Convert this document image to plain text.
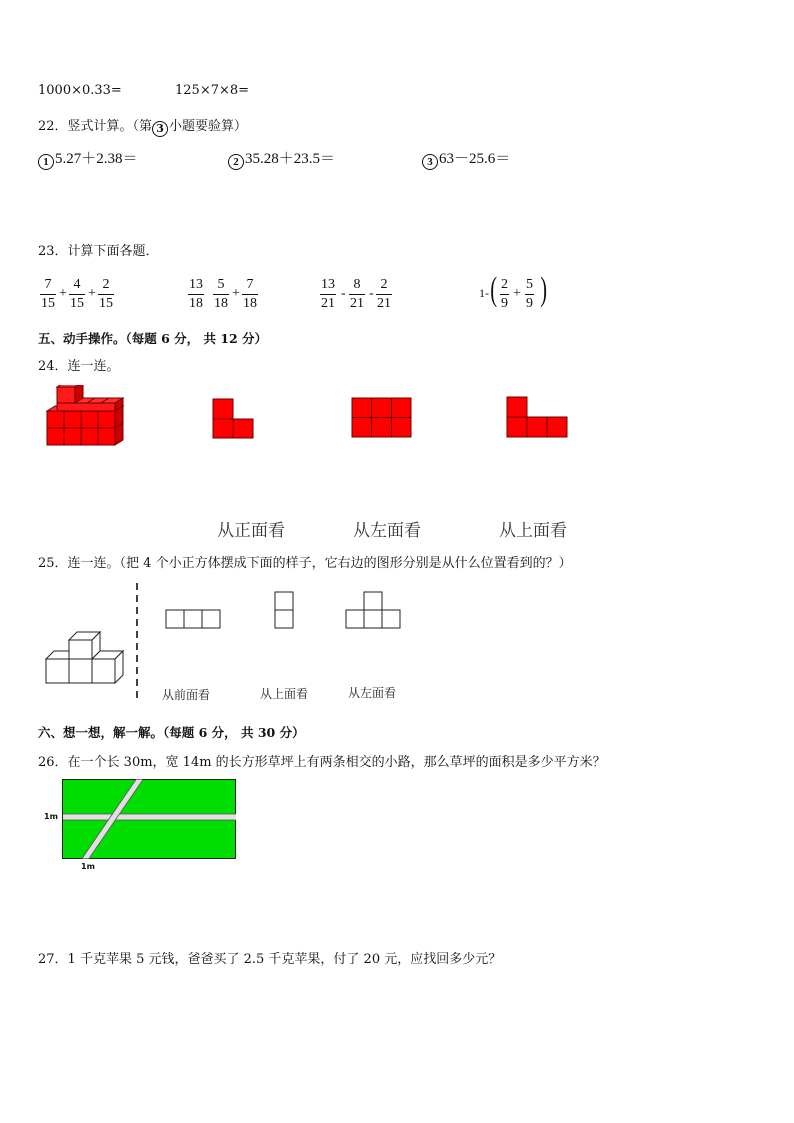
1000×0.33=	125×7×8=
22．竖式计算。（第 3 小题要验算）
1 5.27＋2.38＝	2 35.28＋23.5＝	3 63－25.6＝
23．计算下面各题．
7
15
+
4
15
+
2
15
13
18
5
18
+
7
18
13
21
-
8
21
-
2
21
1- ( 2
9
+
5
9 )
五、动手操作。（每题 6 分， 共 12 分）
24．连一连。
从正面看	从左面看	从上面看
25．连一连。（把 4 个小正方体摆成下面的样子，它右边的图形分别是从什么位置看到的？）
从前面看	从上面看	从左面看
六、想一想，解一解。（每题 6 分， 共 30 分）
26．在一个长 30m，宽 14m 的长方形草坪上有两条相交的小路，那么草坪的面积是多少平方米？
1m
1m
27．1 千克苹果 5 元钱，爸爸买了 2.5 千克苹果，付了 20 元，应找回多少元？
